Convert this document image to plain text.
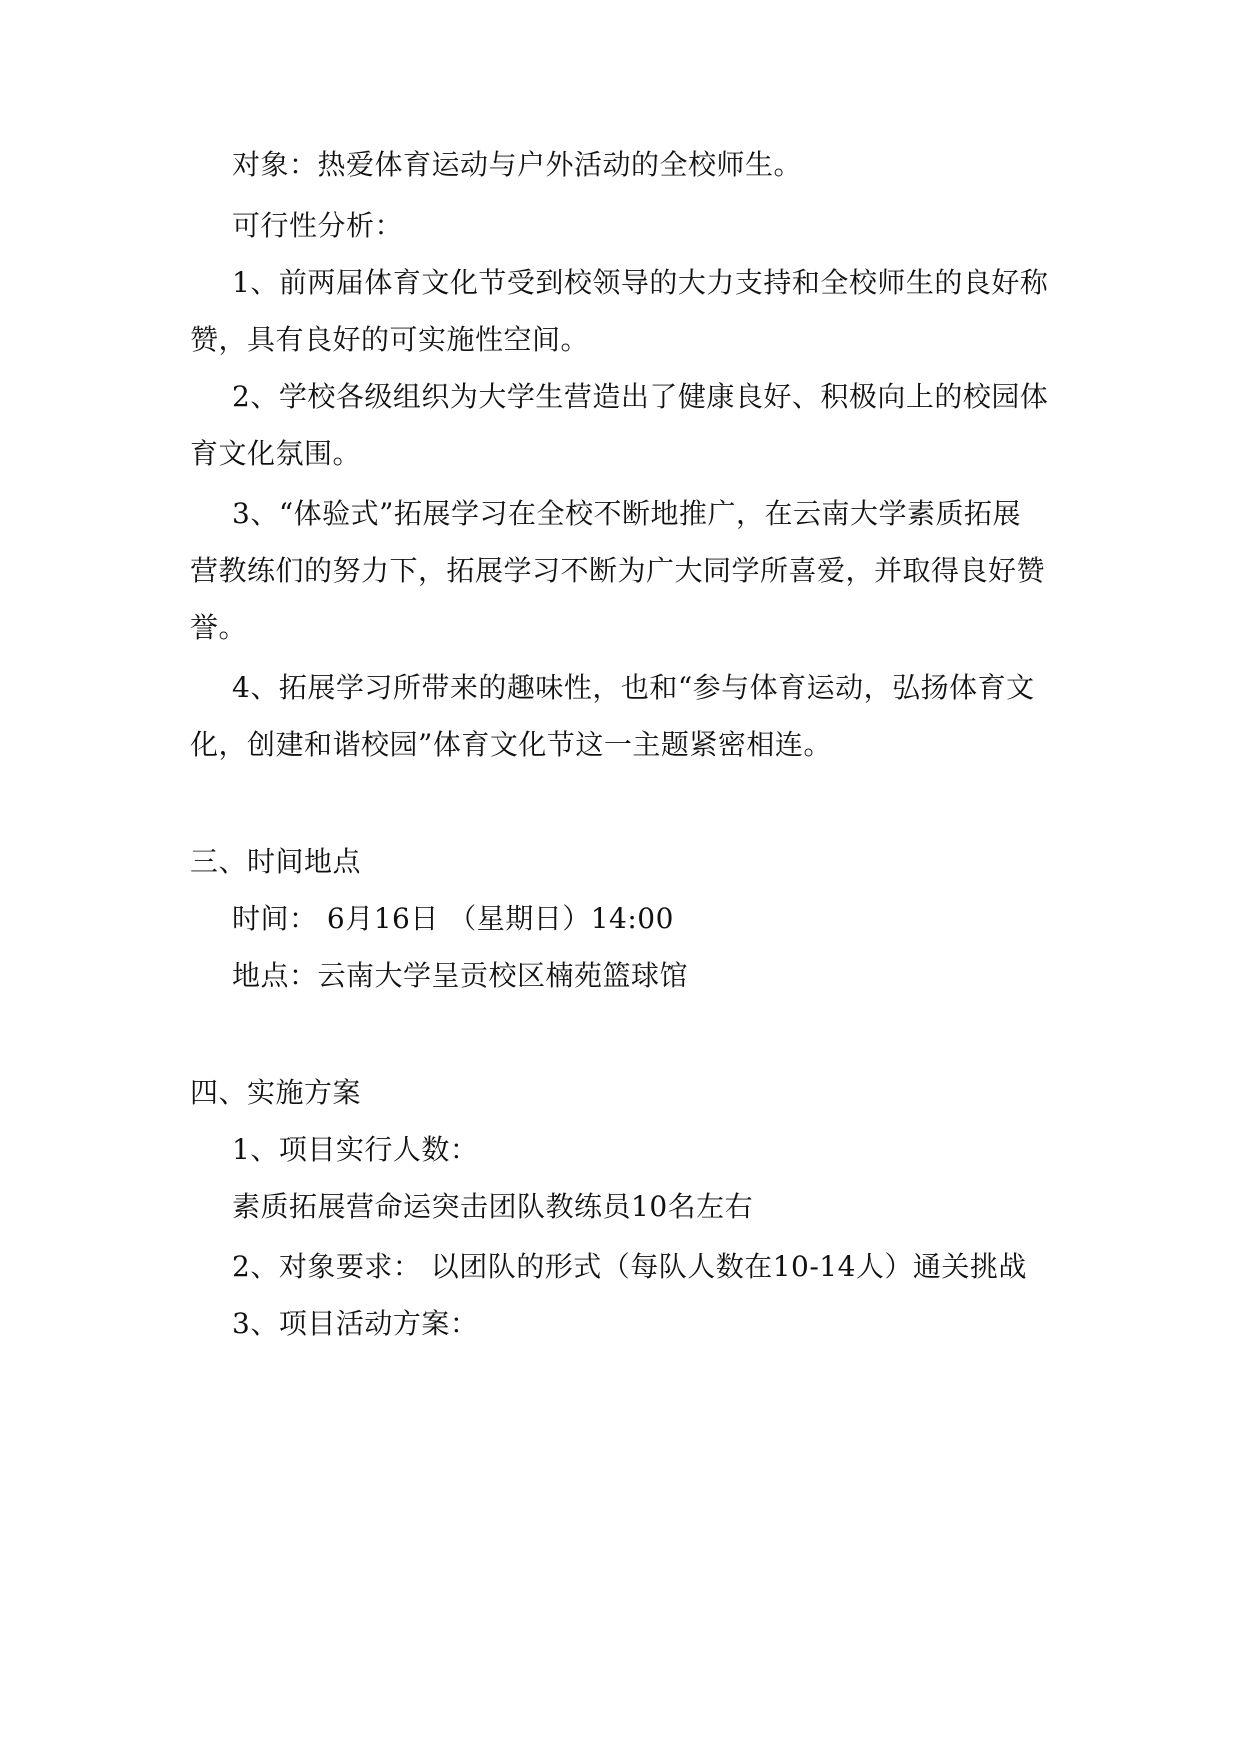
对象：热爱体育运动与户外活动的全校师生。
可行性分析：
1、前两届体育文化节受到校领导的大力支持和全校师生的良好称
赞，具有良好的可实施性空间。
2、学校各级组织为大学生营造出了健康良好、积极向上的校园体
育文化氛围。
3、“体验式”拓展学习在全校不断地推广，在云南大学素质拓展
营教练们的努力下，拓展学习不断为广大同学所喜爱，并取得良好赞
誉。
4、拓展学习所带来的趣味性，也和“参与体育运动，弘扬体育文
化，创建和谐校园”体育文化节这一主题紧密相连。
三、时间地点
时间： 6月16日 （星期日）14:00
地点：云南大学呈贡校区楠苑篮球馆
四、实施方案
1、项目实行人数：
素质拓展营命运突击团队教练员10名左右
2、对象要求： 以团队的形式（每队人数在10-14人）通关挑战
3、项目活动方案：
